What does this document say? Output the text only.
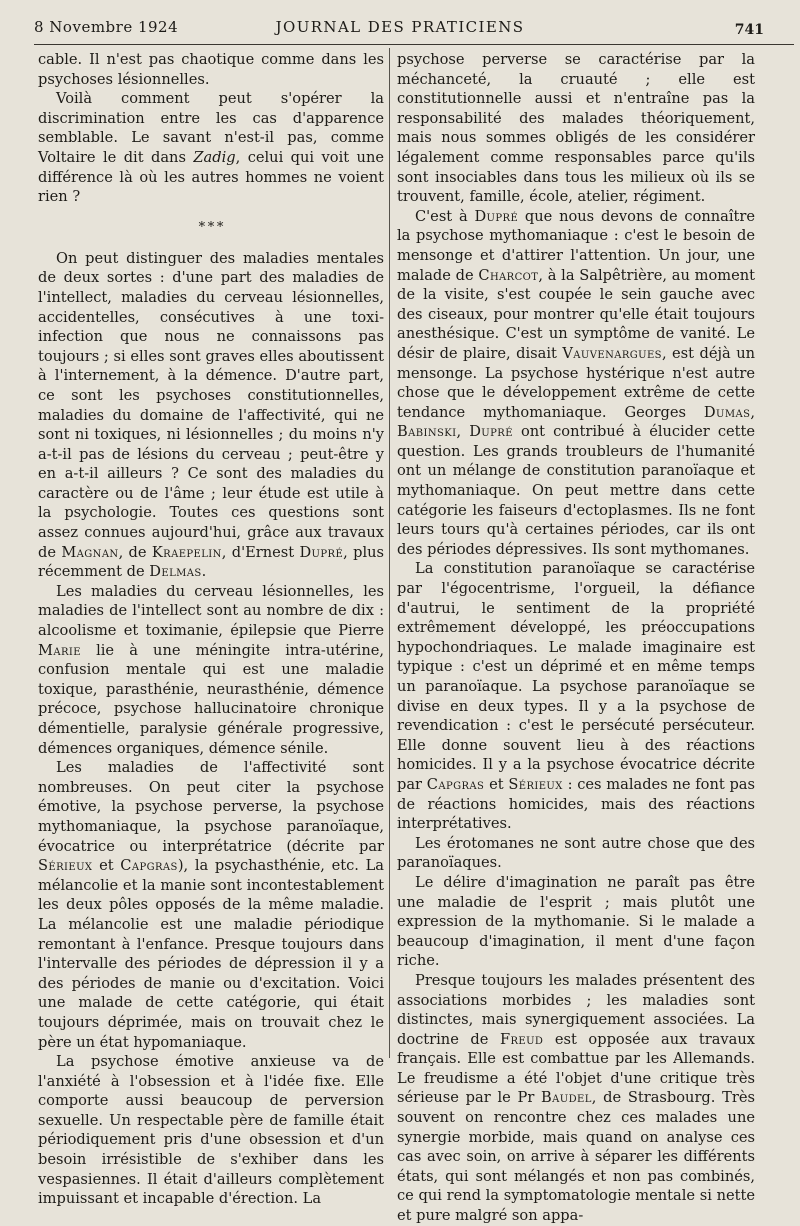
8 Novembre 1924	JOURNAL DES PRATICIENS	741

cable. Il n'est pas chaotique comme dans les psychoses lésionnelles.

Voilà comment peut s'opérer la discrimination entre les cas d'apparence semblable. Le savant n'est-il pas, comme Voltaire le dit dans Zadig, celui qui voit une différence là où les autres hommes ne voient rien ?

* * *

On peut distinguer des maladies mentales de deux sortes : d'une part des maladies de l'intellect, maladies du cerveau lésionnelles, accidentelles, consécutives à une toxi-infection que nous ne connaissons pas toujours ; si elles sont graves elles aboutissent à l'internement, à la démence. D'autre part, ce sont les psychoses constitutionnelles, maladies du domaine de l'affectivité, qui ne sont ni toxiques, ni lésionnelles ; du moins n'y a-t-il pas de lésions du cerveau ; peut-être y en a-t-il ailleurs ? Ce sont des maladies du caractère ou de l'âme ; leur étude est utile à la psychologie. Toutes ces questions sont assez connues aujourd'hui, grâce aux travaux de Magnan, de Kraepelin, d'Ernest Dupré, plus récemment de Delmas.

Les maladies du cerveau lésionnelles, les maladies de l'intellect sont au nombre de dix : alcoolisme et toximanie, épilepsie que Pierre Marie lie à une méningite intra-utérine, confusion mentale qui est une maladie toxique, parasthénie, neurasthénie, démence précoce, psychose hallucinatoire chronique démentielle, paralysie générale progressive, démences organiques, démence sénile.

Les maladies de l'affectivité sont nombreuses. On peut citer la psychose émotive, la psychose perverse, la psychose mythomaniaque, la psychose paranoïaque, évocatrice ou interprétatrice (décrite par Sérieux et Capgras), la psychasthénie, etc. La mélancolie et la manie sont incontestablement les deux pôles opposés de la même maladie. La mélancolie est une maladie périodique remontant à l'enfance. Presque toujours dans l'intervalle des périodes de dépression il y a des périodes de manie ou d'excitation. Voici une malade de cette catégorie, qui était toujours déprimée, mais on trouvait chez le père un état hypomaniaque.

La psychose émotive anxieuse va de l'anxiété à l'obsession et à l'idée fixe. Elle comporte aussi beaucoup de perversion sexuelle. Un respectable père de famille était périodiquement pris d'une obsession et d'un besoin irrésistible de s'exhiber dans les vespasiennes. Il était d'ailleurs complètement impuissant et incapable d'érection. La

psychose perverse se caractérise par la méchanceté, la cruauté ; elle est constitutionnelle aussi et n'entraîne pas la responsabilité des malades théoriquement, mais nous sommes obligés de les considérer légalement comme responsables parce qu'ils sont insociables dans tous les milieux où ils se trouvent, famille, école, atelier, régiment.

C'est à Dupré que nous devons de connaître la psychose mythomaniaque : c'est le besoin de mensonge et d'attirer l'attention. Un jour, une malade de Charcot, à la Salpêtrière, au moment de la visite, s'est coupée le sein gauche avec des ciseaux, pour montrer qu'elle était toujours anesthésique. C'est un symptôme de vanité. Le désir de plaire, disait Vauvenargues, est déjà un mensonge. La psychose hystérique n'est autre chose que le développement extrême de cette tendance mythomaniaque. Georges Dumas, Babinski, Dupré ont contribué à élucider cette question. Les grands troubleurs de l'humanité ont un mélange de constitution paranoïaque et mythomaniaque. On peut mettre dans cette catégorie les faiseurs d'ectoplasmes. Ils ne font leurs tours qu'à certaines périodes, car ils ont des périodes dépressives. Ils sont mythomanes.

La constitution paranoïaque se caractérise par l'égocentrisme, l'orgueil, la défiance d'autrui, le sentiment de la propriété extrêmement développé, les préoccupations hypochondriaques. Le malade imaginaire est typique : c'est un déprimé et en même temps un paranoïaque. La psychose paranoïaque se divise en deux types. Il y a la psychose de revendication : c'est le persécuté persécuteur. Elle donne souvent lieu à des réactions homicides. Il y a la psychose évocatrice décrite par Capgras et Sérieux : ces malades ne font pas de réactions homicides, mais des réactions interprétatives.

Les érotomanes ne sont autre chose que des paranoïaques.

Le délire d'imagination ne paraît pas être une maladie de l'esprit ; mais plutôt une expression de la mythomanie. Si le malade a beaucoup d'imagination, il ment d'une façon riche.

Presque toujours les malades présentent des associations morbides ; les maladies sont distinctes, mais synergiquement associées. La doctrine de Freud est opposée aux travaux français. Elle est combattue par les Allemands. Le freudisme a été l'objet d'une critique très sérieuse par le Pr Baudel, de Strasbourg. Très souvent on rencontre chez ces malades une synergie morbide, mais quand on analyse ces cas avec soin, on arrive à séparer les différents états, qui sont mélangés et non pas combinés, ce qui rend la symptomatologie mentale si nette et pure malgré son appa-
